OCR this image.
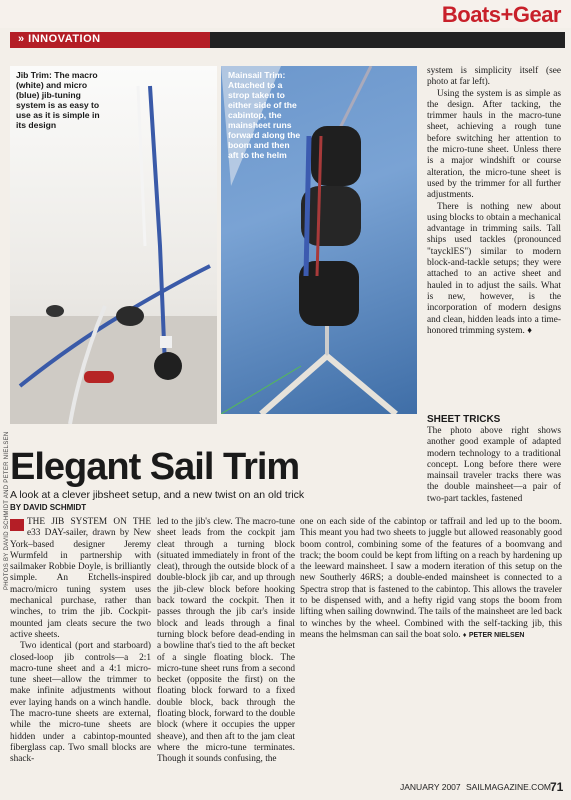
Boats+Gear
» INNOVATION
Jib Trim: The macro (white) and micro (blue) jib-tuning system is as easy to use as it is simple in its design
Mainsail Trim: Attached to a strop taken to either side of the cabintop, the mainsheet runs forward along the boom and then aft to the helm
PHOTOS BY DAVID SCHMIDT AND PETER NIELSEN

system is simplicity itself (see photo at far left).

Using the system is as simple as the design. After tacking, the trimmer hauls in the macro-tune sheet, achieving a rough tune before switching her attention to the micro-tune sheet. Unless there is a major windshift or course alteration, the micro-tune sheet is used by the trimmer for all further adjustments.

There is nothing new about using blocks to obtain a mechanical advantage in trimming sails. Tall ships used tackles (pronounced "taycklES") similar to modern block-and-tackle setups; they were attached to an active sheet and hauled in to adjust the sails. What is new, however, is the incorporation of modern designs and clean, hidden leads into a time-honored trimming system. ♦

SHEET TRICKS

The photo above right shows another good example of adapted modern technology to a traditional concept. Long before there were mainsail traveler tracks there was the double mainsheet—a pair of two-part tackles, fastened

Elegant Sail Trim
A look at a clever jibsheet setup, and a new twist on an old trick
BY DAVID SCHMIDT

THE JIB SYSTEM ON THE e33 DAY-sailer, drawn by New York–based designer Jeremy Wurmfeld in partnership with sailmaker Robbie Doyle, is brilliantly simple. An Etchells-inspired macro/micro tuning system uses mechanical purchase, rather than winches, to trim the jib. Cockpit-mounted jam cleats secure the two active sheets.

Two identical (port and starboard) closed-loop jib controls—a 2:1 macro-tune sheet and a 4:1 micro-tune sheet—allow the trimmer to make infinite adjustments without ever laying hands on a winch handle. The macro-tune sheets are external, while the micro-tune sheets are hidden under a cabintop-mounted fiberglass cap. Two small blocks are shack-

led to the jib's clew. The macro-tune sheet leads from the cockpit jam cleat through a turning block (situated immediately in front of the cleat), through the outside block of a double-block jib car, and up through the jib-clew block before hooking back toward the cockpit. Then it passes through the jib car's inside block and leads through a final turning block before dead-ending in a bowline that's tied to the aft becket of a single floating block. The micro-tune sheet runs from a second becket (opposite the first) on the floating block forward to a fixed double block, back through the floating block, forward to the double block (where it occupies the upper sheave), and then aft to the jam cleat where the micro-tune terminates. Though it sounds confusing, the

one on each side of the cabintop or taffrail and led up to the boom. This meant you had two sheets to juggle but allowed reasonably good boom control, combining some of the features of a boomvang and track; the boom could be kept from lifting on a reach by hardening up the leeward mainsheet. I saw a modern iteration of this setup on the new Southerly 46RS; a double-ended mainsheet is connected to a Spectra strop that is fastened to the cabintop. This allows the traveler to be dispensed with, and a hefty rigid vang stops the boom from lifting when sailing downwind. The tails of the mainsheet are led back to winches by the wheel. Combined with the self-tacking jib, this means the helmsman can sail the boat solo. ♦ PETER NIELSEN

JANUARY 2007 SAILMAGAZINE.COM
71
